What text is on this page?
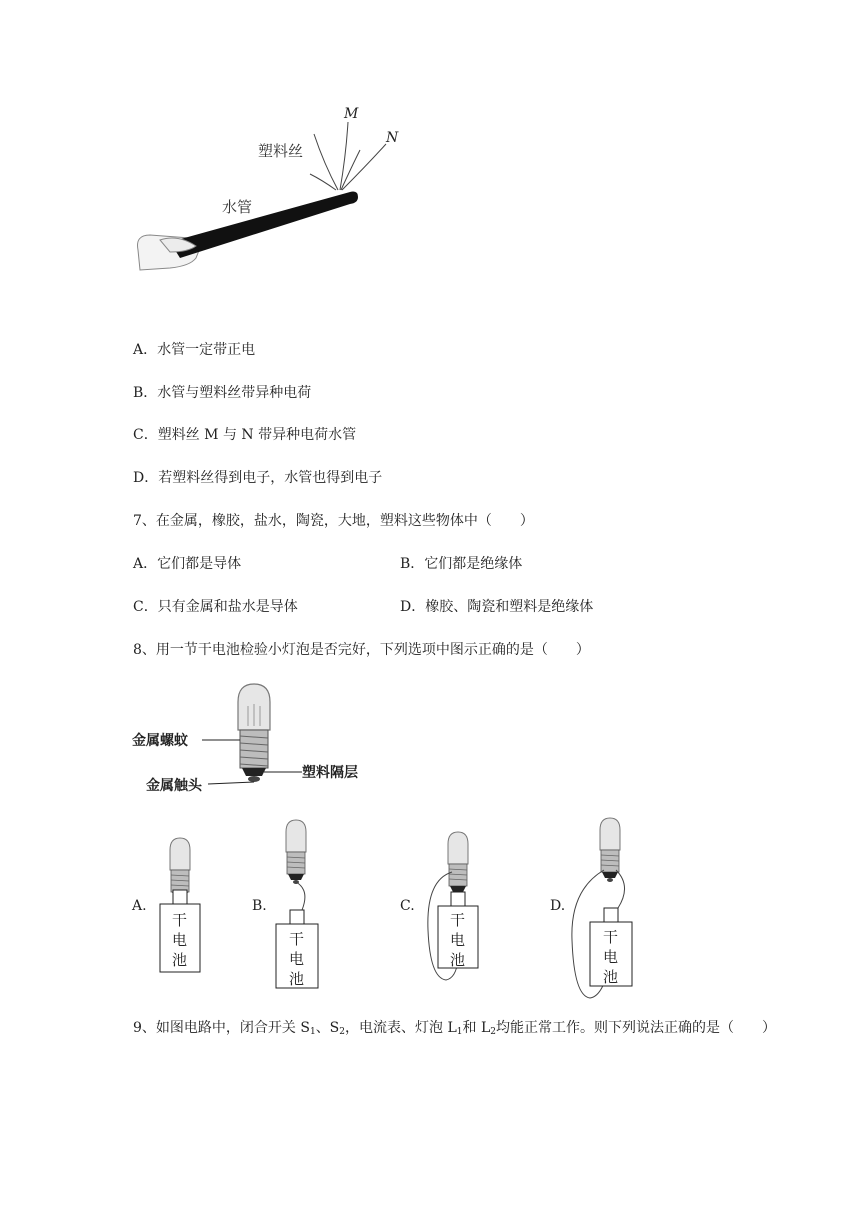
M
N
塑料丝
水管
A．水管一定带正电
B．水管与塑料丝带异种电荷
C．塑料丝 M 与 N 带异种电荷水管
D．若塑料丝得到电子，水管也得到电子
7、在金属，橡胶，盐水，陶瓷，大地，塑料这些物体中（　　）
A．它们都是导体	B．它们都是绝缘体
C．只有金属和盐水是导体	D．橡胶、陶瓷和塑料是绝缘体
8、用一节干电池检验小灯泡是否完好，下列选项中图示正确的是（　　）
金属螺蚊
金属触头
塑料隔层
干
电
池
A.
干
电
池
B.
干
电
池
C.
干
电
池
D.
9、如图电路中，闭合开关 $S_1$、$S_2$，电流表、灯泡 $L_1$和 $L_2$均能正常工作。则下列说法正确的是（　　）
